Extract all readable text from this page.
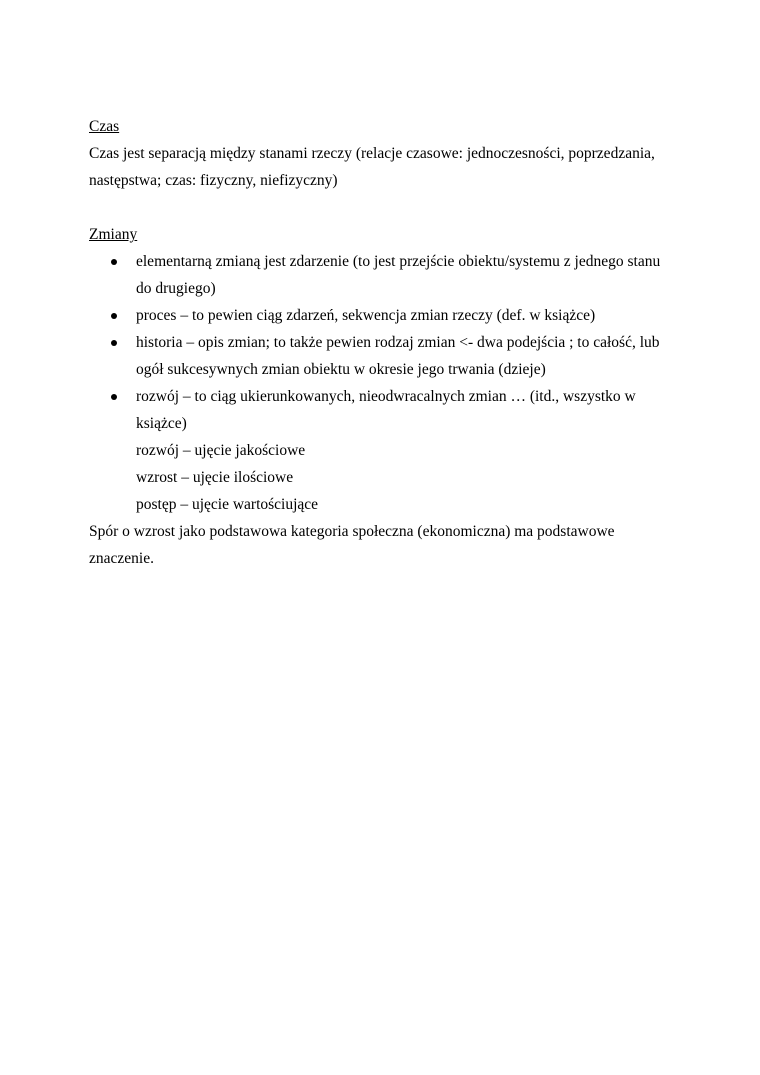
Czas
Czas jest separacją między stanami rzeczy (relacje czasowe: jednoczesności, poprzedzania,
następstwa; czas: fizyczny, niefizyczny)
Zmiany
elementarną zmianą jest zdarzenie (to jest przejście obiektu/systemu z jednego stanu
do drugiego)
proces – to pewien ciąg zdarzeń, sekwencja zmian rzeczy (def. w książce)
historia – opis zmian; to także pewien rodzaj zmian <- dwa podejścia ; to całość, lub
ogół sukcesywnych zmian obiektu w okresie jego trwania (dzieje)
rozwój – to ciąg ukierunkowanych, nieodwracalnych zmian … (itd., wszystko w
książce)
rozwój – ujęcie jakościowe
wzrost – ujęcie ilościowe
postęp – ujęcie wartościujące
Spór o wzrost jako podstawowa kategoria społeczna (ekonomiczna) ma podstawowe
znaczenie.
